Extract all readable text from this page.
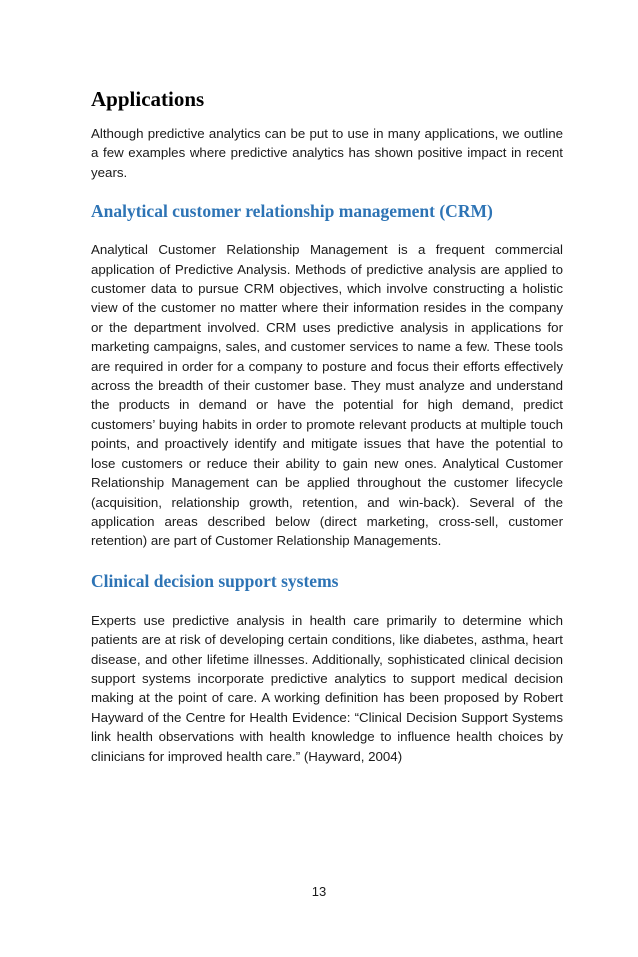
Applications

Although predictive analytics can be put to use in many applications, we outline a few examples where predictive analytics has shown positive impact in recent years.

Analytical customer relationship management (CRM)

Analytical Customer Relationship Management is a frequent commercial application of Predictive Analysis. Methods of predictive analysis are applied to customer data to pursue CRM objectives, which involve constructing a holistic view of the customer no matter where their information resides in the company or the department involved. CRM uses predictive analysis in applications for marketing campaigns, sales, and customer services to name a few. These tools are required in order for a company to posture and focus their efforts effectively across the breadth of their customer base. They must analyze and understand the products in demand or have the potential for high demand, predict customers’ buying habits in order to promote relevant products at multiple touch points, and proactively identify and mitigate issues that have the potential to lose customers or reduce their ability to gain new ones. Analytical Customer Relationship Management can be applied throughout the customer lifecycle (acquisition, relationship growth, retention, and win-back). Several of the application areas described below (direct marketing, cross-sell, customer retention) are part of Customer Relationship Managements.

Clinical decision support systems

Experts use predictive analysis in health care primarily to determine which patients are at risk of developing certain conditions, like diabetes, asthma, heart disease, and other lifetime illnesses. Additionally, sophisticated clinical decision support systems incorporate predictive analytics to support medical decision making at the point of care. A working definition has been proposed by Robert Hayward of the Centre for Health Evidence: “Clinical Decision Support Systems link health observations with health knowledge to influence health choices by clinicians for improved health care.” (Hayward, 2004)

13
